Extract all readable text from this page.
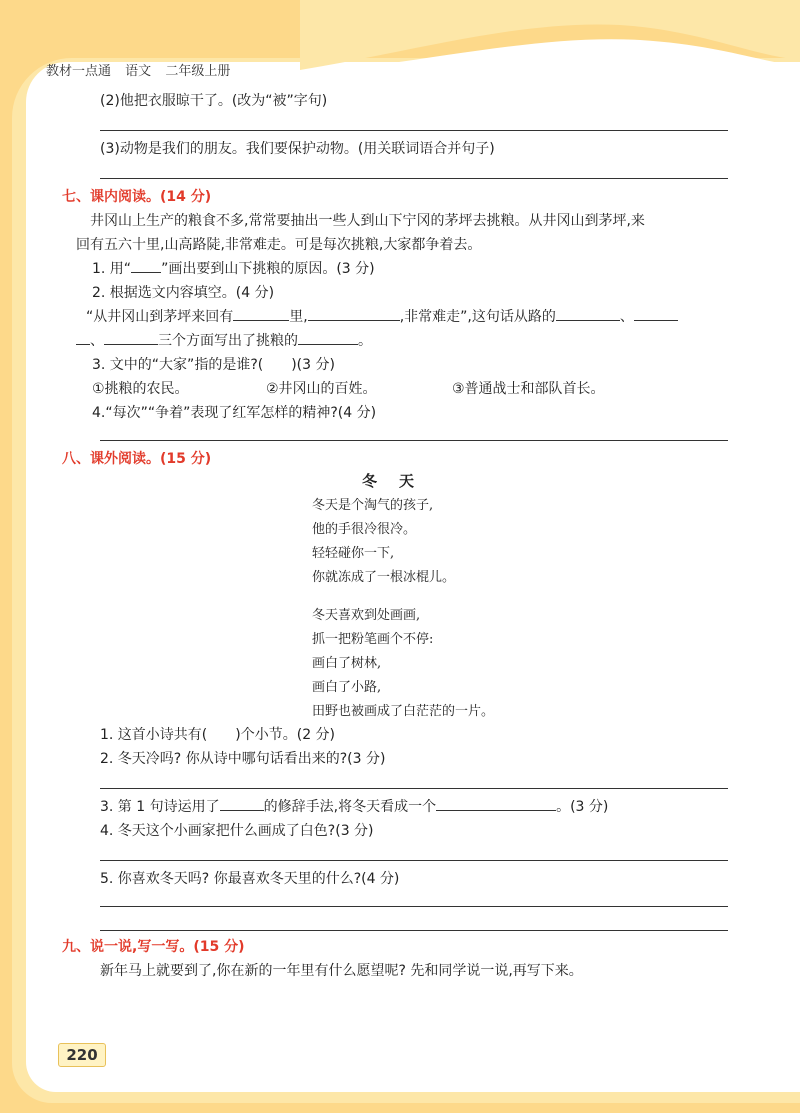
教材一点通 语文 二年级上册
(2)他把衣服晾干了。(改为“被”字句)
(3)动物是我们的朋友。我们要保护动物。(用关联词语合并句子)
七、课内阅读。(14 分)
井冈山上生产的粮食不多,常常要抽出一些人到山下宁冈的茅坪去挑粮。从井冈山到茅坪,来
回有五六十里,山高路陡,非常难走。可是每次挑粮,大家都争着去。
1. 用“ ”画出要到山下挑粮的原因。(3 分)
2. 根据选文内容填空。(4 分)
“从井冈山到茅坪来回有	里,	,非常难走”,这句话从路的	、
、	三个方面写出了挑粮的	。
3. 文中的“大家”指的是谁?( )(3 分)
①挑粮的农民。	②井冈山的百姓。	③普通战士和部队首长。
4.“每次”“争着”表现了红军怎样的精神?(4 分)
八、课外阅读。(15 分)
冬天
冬天是个淘气的孩子,
他的手很冷很冷。
轻轻碰你一下,
你就冻成了一根冰棍儿。
冬天喜欢到处画画,
抓一把粉笔画个不停:
画白了树林,
画白了小路,
田野也被画成了白茫茫的一片。
1. 这首小诗共有( )个小节。(2 分)
2. 冬天冷吗? 你从诗中哪句话看出来的?(3 分)
3. 第 1 句诗运用了	的修辞手法,将冬天看成一个	。(3 分)
4. 冬天这个小画家把什么画成了白色?(3 分)
5. 你喜欢冬天吗? 你最喜欢冬天里的什么?(4 分)
九、说一说,写一写。(15 分)
新年马上就要到了,你在新的一年里有什么愿望呢? 先和同学说一说,再写下来。
220
